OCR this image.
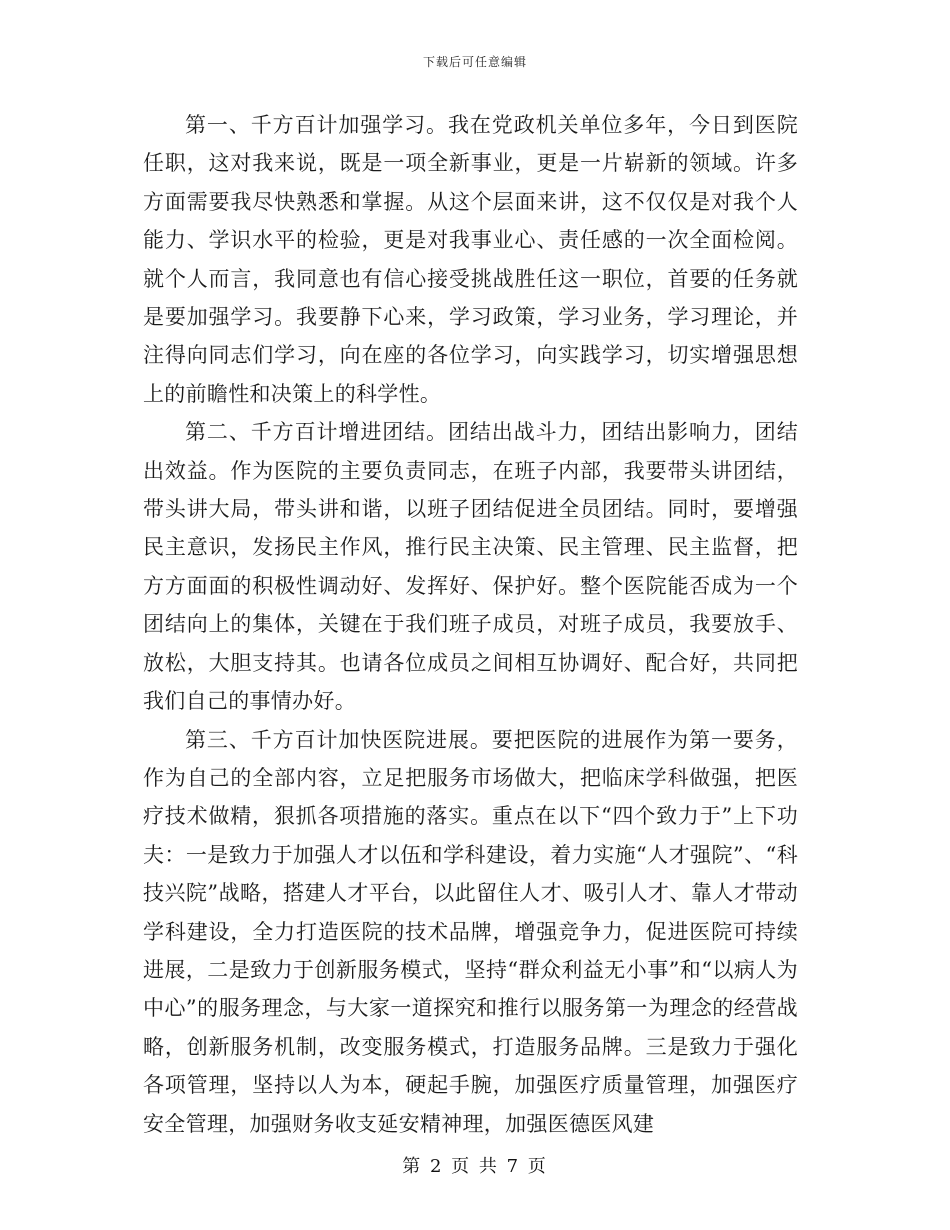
下载后可任意编辑

第一、千方百计加强学习。我在党政机关单位多年，今日到医院任职，这对我来说，既是一项全新事业，更是一片崭新的领域。许多方面需要我尽快熟悉和掌握。从这个层面来讲，这不仅仅是对我个人能力、学识水平的检验，更是对我事业心、责任感的一次全面检阅。就个人而言，我同意也有信心接受挑战胜任这一职位，首要的任务就是要加强学习。我要静下心来，学习政策，学习业务，学习理论，并注得向同志们学习，向在座的各位学习，向实践学习，切实增强思想上的前瞻性和决策上的科学性。

第二、千方百计增进团结。团结出战斗力，团结出影响力，团结出效益。作为医院的主要负责同志，在班子内部，我要带头讲团结，带头讲大局，带头讲和谐，以班子团结促进全员团结。同时，要增强民主意识，发扬民主作风，推行民主决策、民主管理、民主监督，把方方面面的积极性调动好、发挥好、保护好。整个医院能否成为一个团结向上的集体，关键在于我们班子成员，对班子成员，我要放手、放松，大胆支持其。也请各位成员之间相互协调好、配合好，共同把我们自己的事情办好。

第三、千方百计加快医院进展。要把医院的进展作为第一要务，作为自己的全部内容，立足把服务市场做大，把临床学科做强，把医疗技术做精，狠抓各项措施的落实。重点在以下“四个致力于”上下功夫：一是致力于加强人才以伍和学科建设，着力实施“人才强院”、“科技兴院”战略，搭建人才平台，以此留住人才、吸引人才、靠人才带动学科建设，全力打造医院的技术品牌，增强竞争力，促进医院可持续进展，二是致力于创新服务模式，坚持“群众利益无小事”和“以病人为中心”的服务理念，与大家一道探究和推行以服务第一为理念的经营战略，创新服务机制，改变服务模式，打造服务品牌。三是致力于强化各项管理，坚持以人为本，硬起手腕，加强医疗质量管理，加强医疗安全管理，加强财务收支延安精神理，加强医德医风建

第 2 页 共 7 页
